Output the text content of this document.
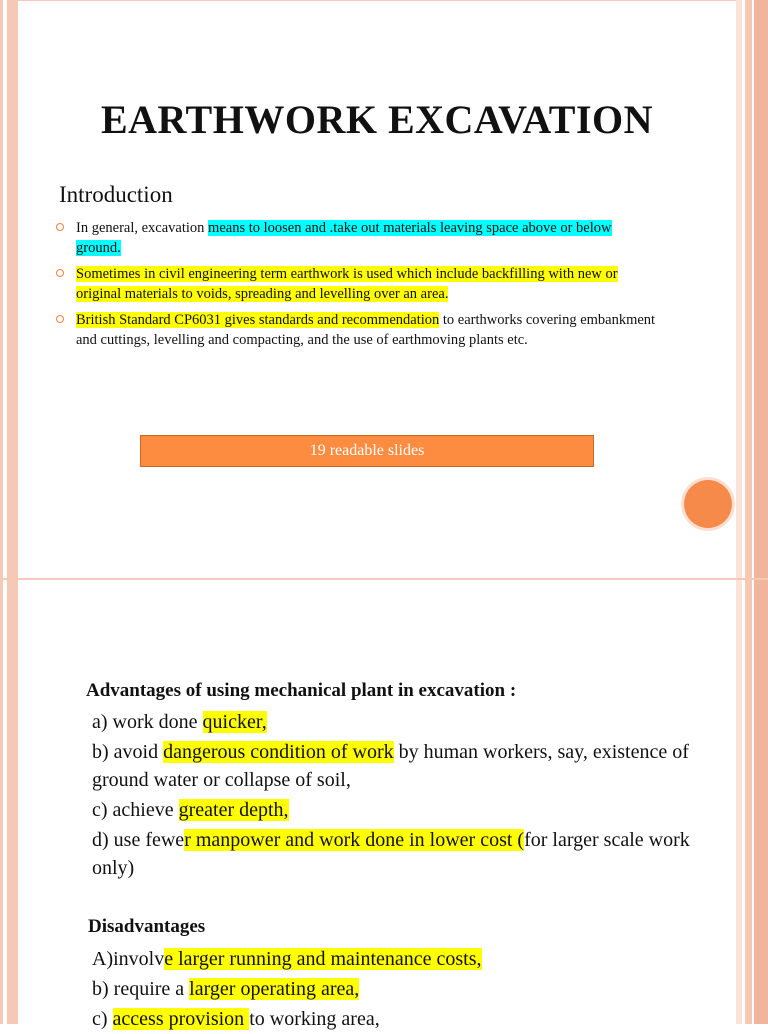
EARTHWORK EXCAVATION
Introduction
In general, excavation means to loosen and .take out materials leaving space above or below ground.
Sometimes in civil engineering term earthwork is used which include backfilling with new or original materials to voids, spreading and levelling over an area.
British Standard CP6031 gives standards and recommendation to earthworks covering embankment and cuttings, levelling and compacting, and the use of earthmoving plants etc.
19 readable slides
Advantages of using mechanical plant in excavation :
a) work done quicker,
b) avoid dangerous condition of work by human workers, say, existence of ground water or collapse of soil,
c) achieve greater depth,
d) use fewer manpower and work done in lower cost (for larger scale work only)
Disadvantages
A)involve larger running and maintenance costs,
b) require a larger operating area,
c) access provision to working area,
